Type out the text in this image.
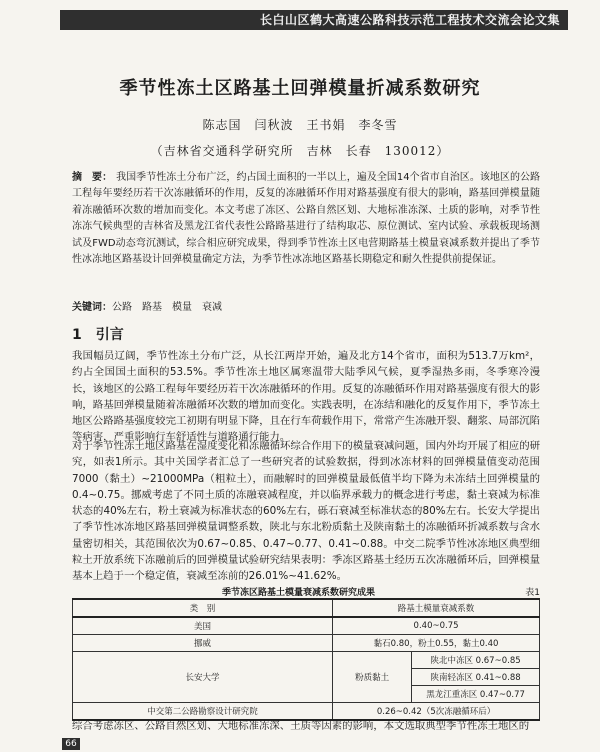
长白山区鹤大高速公路科技示范工程技术交流会论文集
季节性冻土区路基土回弹模量折减系数研究
陈志国　闫秋波　王书娟　李冬雪
（吉林省交通科学研究所　吉林　长春　130012）
摘　要： 我国季节性冻土分布广泛，约占国土面积的一半以上，遍及全国14个省市自治区。该地区的公路工程每年要经历若干次冻融循环的作用，反复的冻融循环作用对路基强度有很大的影响，路基回弹模量随着冻融循环次数的增加而变化。本文考虑了冻区、公路自然区划、大地标准冻深、土质的影响，对季节性冻冻气候典型的吉林省及黑龙江省代表性公路路基进行了结构取芯、原位测试、室内试验、承载板现场测试及FWD动态弯沉测试，综合相应研究成果，得到季节性冻土区电营期路基土模量衰减系数并提出了季节性冰冻地区路基设计回弹模量确定方法，为季节性冰冻地区路基长期稳定和耐久性提供前提保证。
关键词：公路　路基　模量　衰减
1　引言
我国幅员辽阔，季节性冻土分布广泛，从长江两岸开始，遍及北方14个省市，面积为513.7万km²，约占全国国土面积的53.5%。季节性冻土地区属寒温带大陆季风气候，夏季湿热多雨，冬季寒冷漫长，该地区的公路工程每年要经历若干次冻融循环的作用。反复的冻融循环作用对路基强度有很大的影响，路基回弹模量随着冻融循环次数的增加而变化。实践表明，在冻结和融化的反复作用下，季节冻土地区公路路基强度较完工初期有明显下降，且在行车荷载作用下，常常产生冻融开裂、翻浆、局部沉陷等病害，严重影响行车舒适性与道路通行能力。
对于季节性冻土地区路基在湿度变化和冻融循环综合作用下的模量衰减问题，国内外均开展了相应的研究，如表1所示。其中关国学者汇总了一些研究者的试验数据，得到冰冻材料的回弹模量值变动范围7000（黏土）~21000MPa（粗粒土），而融解时的回弹模量最低值半均下降为未冻结土回弹模量的0.4~0.75。挪威考虑了不同土质的冻融衰减程度，并以临界承载力的概念进行考虑，黏土衰减为标准状态的40%左右，粉土衰减为标准状态的60%左右，砾石衰减至标准状态的80%左右。长安大学提出了季节性冰冻地区路基回弹模量调整系数，陕北与东北粉质黏土及陕南黏土的冻融循环折减系数与含水量密切相关，其范围依次为0.67~0.85、0.47~0.77、0.41~0.88。中交二院季节性冰冻地区典型细粒土开放系统下冻融前后的回弹模量试验研究结果表明：季冻区路基土经历五次冻融循环后，回弹模量基本上趋于一个稳定值，衰减至冻前的26.01%~41.62%。
季节冻区路基土模量衰减系数研究成果	表1
类　别	路基土模量衰减系数	
美国	0.40~0.75	
挪威	黏石0.80，粉土0.55，黏土0.40	
长安大学	粉质黏土	陕北中冻区 0.67~0.85
		陕南轻冻区 0.41~0.88
		黑龙江重冻区 0.47~0.77
中交第二公路勘察设计研究院	0.26~0.42（5次冻融循环后）	
综合考虑冻区、公路自然区划、大地标准冻深、土质等因素的影响，本文选取典型季节性冻土地区的
66
